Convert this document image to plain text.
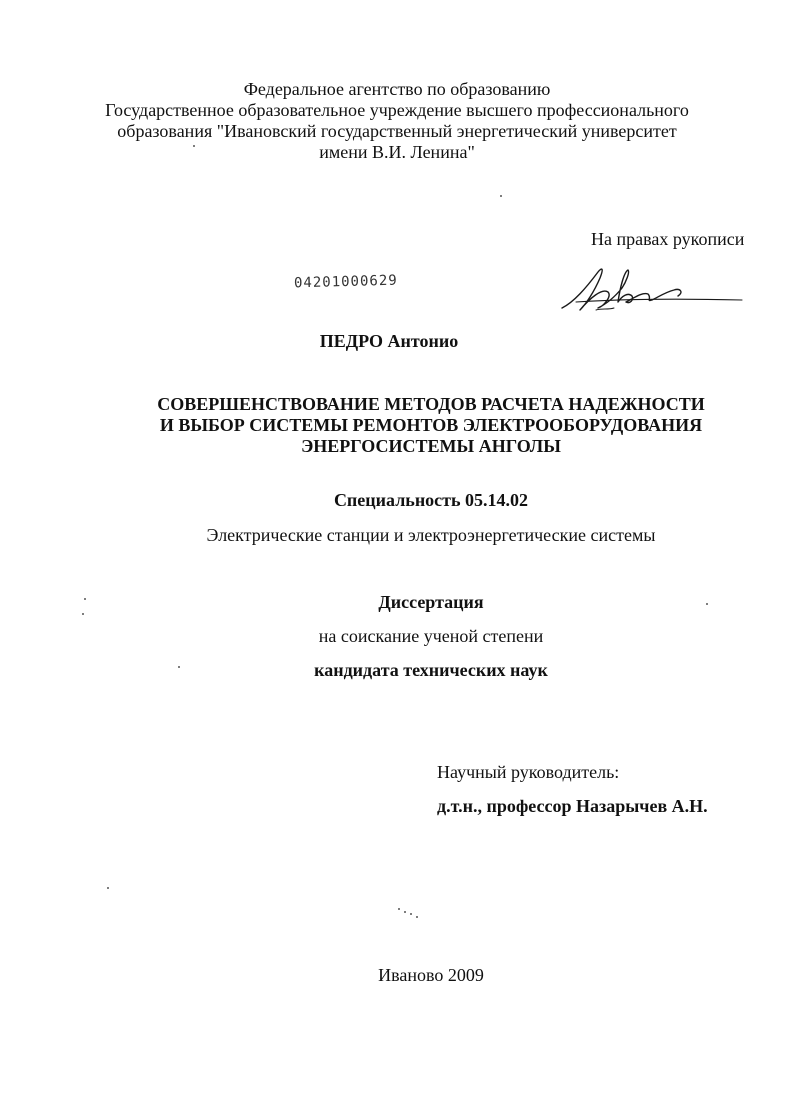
Федеральное агентство по образованию
Государственное образовательное учреждение высшего профессионального
образования "Ивановский государственный энергетический университет
имени В.И. Ленина"
На правах рукописи
04201000629
ПЕДРО Антонио
СОВЕРШЕНСТВОВАНИЕ МЕТОДОВ РАСЧЕТА НАДЕЖНОСТИ
И ВЫБОР СИСТЕМЫ РЕМОНТОВ ЭЛЕКТРООБОРУДОВАНИЯ
ЭНЕРГОСИСТЕМЫ АНГОЛЫ
Специальность 05.14.02
Электрические станции и электроэнергетические системы
Диссертация
на соискание ученой степени
кандидата технических наук
Научный руководитель:
д.т.н., профессор Назарычев А.Н.
Иваново 2009
